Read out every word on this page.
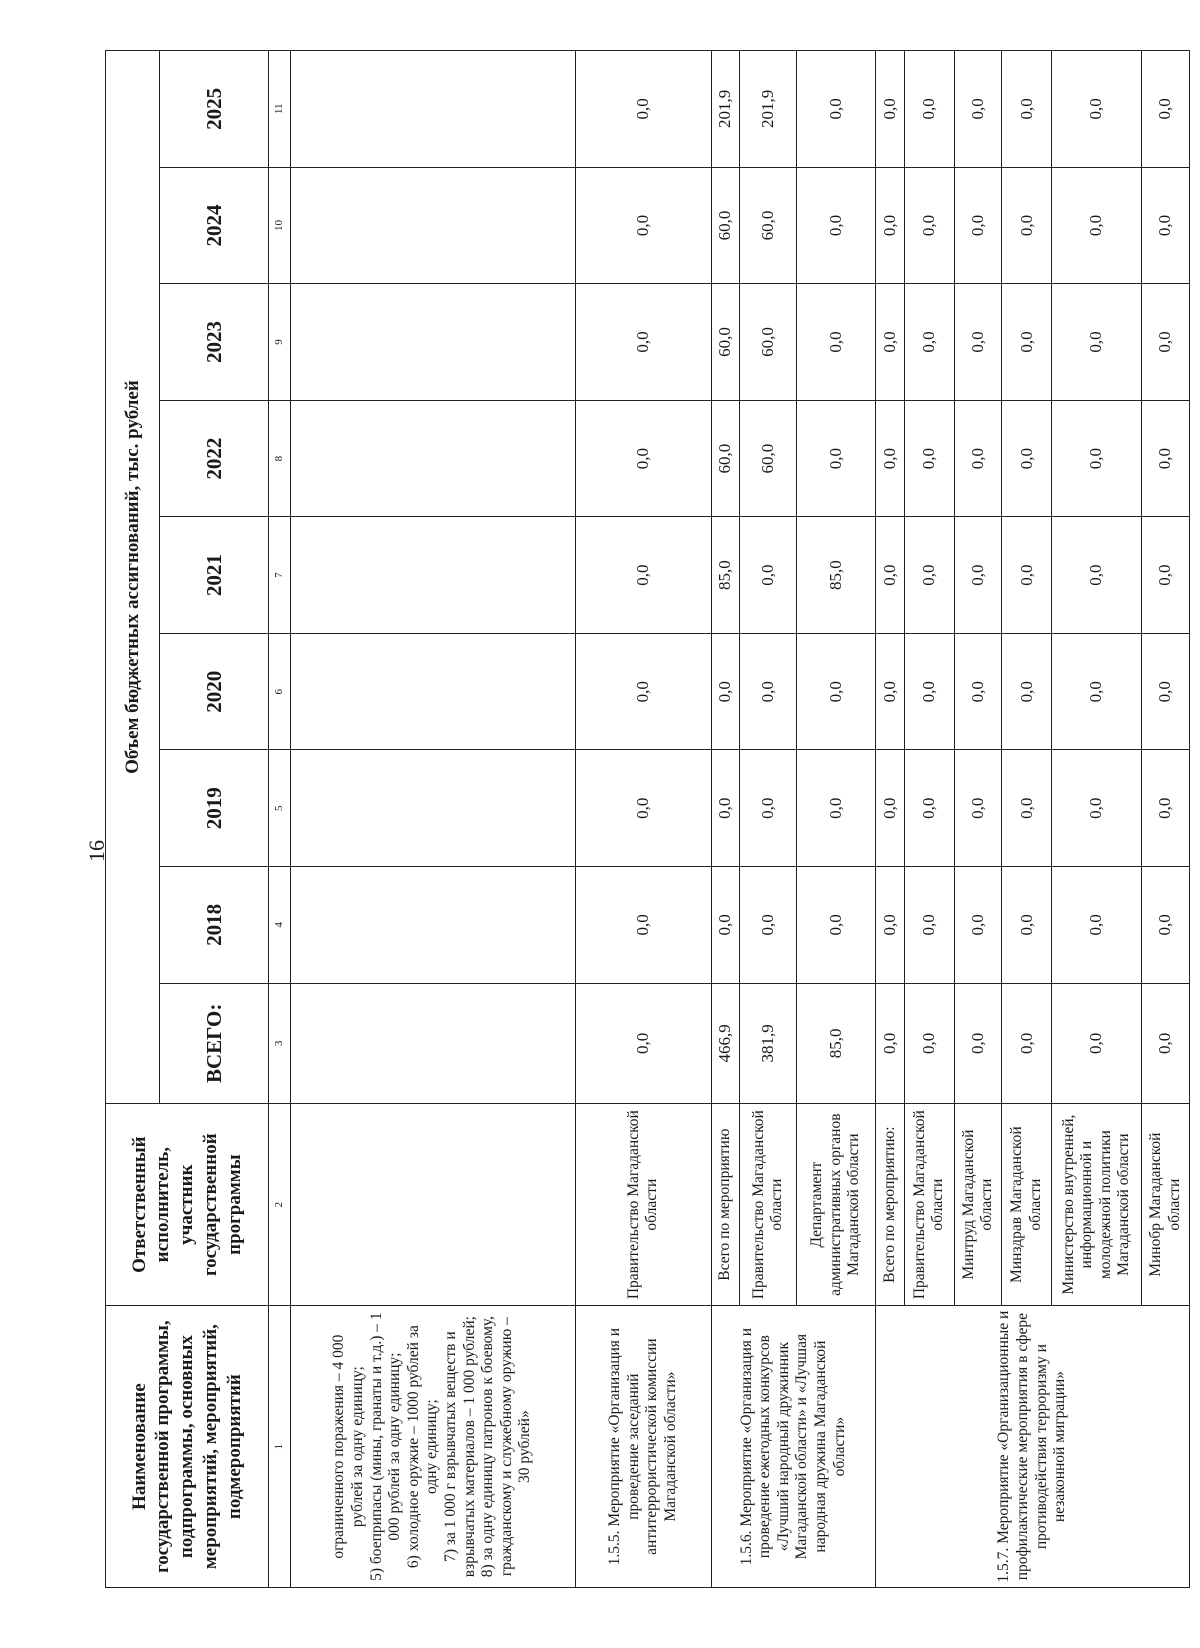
16
Наименование государственной программы, подпрограммы, основных мероприятий, мероприятий, подмероприятий	Ответственный исполнитель, участник государственной программы	Объем бюджетных ассигнований, тыс. рублей								
		ВСЕГО:	2018	2019	2020	2021	2022	2023	2024	2025
1	2	3	4	5	6	7	8	9	10	11
ограниченного поражения – 4 000 рублей за одну единицу;
5) боеприпасы (мины, гранаты и т.д.) – 1 000 рублей за одну единицу;
6) холодное оружие – 1000 рублей за одну единицу;
7) за 1 000 г взрывчатых веществ и взрывчатых материалов – 1 000 рублей;
8) за одну единицу патронов к боевому, гражданскому и служебному оружию – 30 рублей»										
1.5.5. Мероприятие «Организация и проведение заседаний антитеррористической комиссии Магаданской области»	Правительство Магаданской области	0,0	0,0	0,0	0,0	0,0	0,0	0,0	0,0	0,0
1.5.6. Мероприятие «Организация и проведение ежегодных конкурсов «Лучший народный дружинник Магаданской области» и «Лучшая народная дружина Магаданской области»	Всего по мероприятию	466,9	0,0	0,0	0,0	85,0	60,0	60,0	60,0	201,9
	Правительство Магаданской области	381,9	0,0	0,0	0,0	0,0	60,0	60,0	60,0	201,9
	Департамент административных органов Магаданской области	85,0	0,0	0,0	0,0	85,0	0,0	0,0	0,0	0,0
1.5.7. Мероприятие «Организационные и профилактические мероприятия в сфере противодействия терроризму и незаконной миграции»	Всего по мероприятию:	0,0	0,0	0,0	0,0	0,0	0,0	0,0	0,0	0,0
	Правительство Магаданской области	0,0	0,0	0,0	0,0	0,0	0,0	0,0	0,0	0,0
	Минтруд Магаданской области	0,0	0,0	0,0	0,0	0,0	0,0	0,0	0,0	0,0
	Минздрав Магаданской области	0,0	0,0	0,0	0,0	0,0	0,0	0,0	0,0	0,0
	Министерство внутренней, информационной и молодежной политики Магаданской области	0,0	0,0	0,0	0,0	0,0	0,0	0,0	0,0	0,0
	Минобр Магаданской области	0,0	0,0	0,0	0,0	0,0	0,0	0,0	0,0	0,0
